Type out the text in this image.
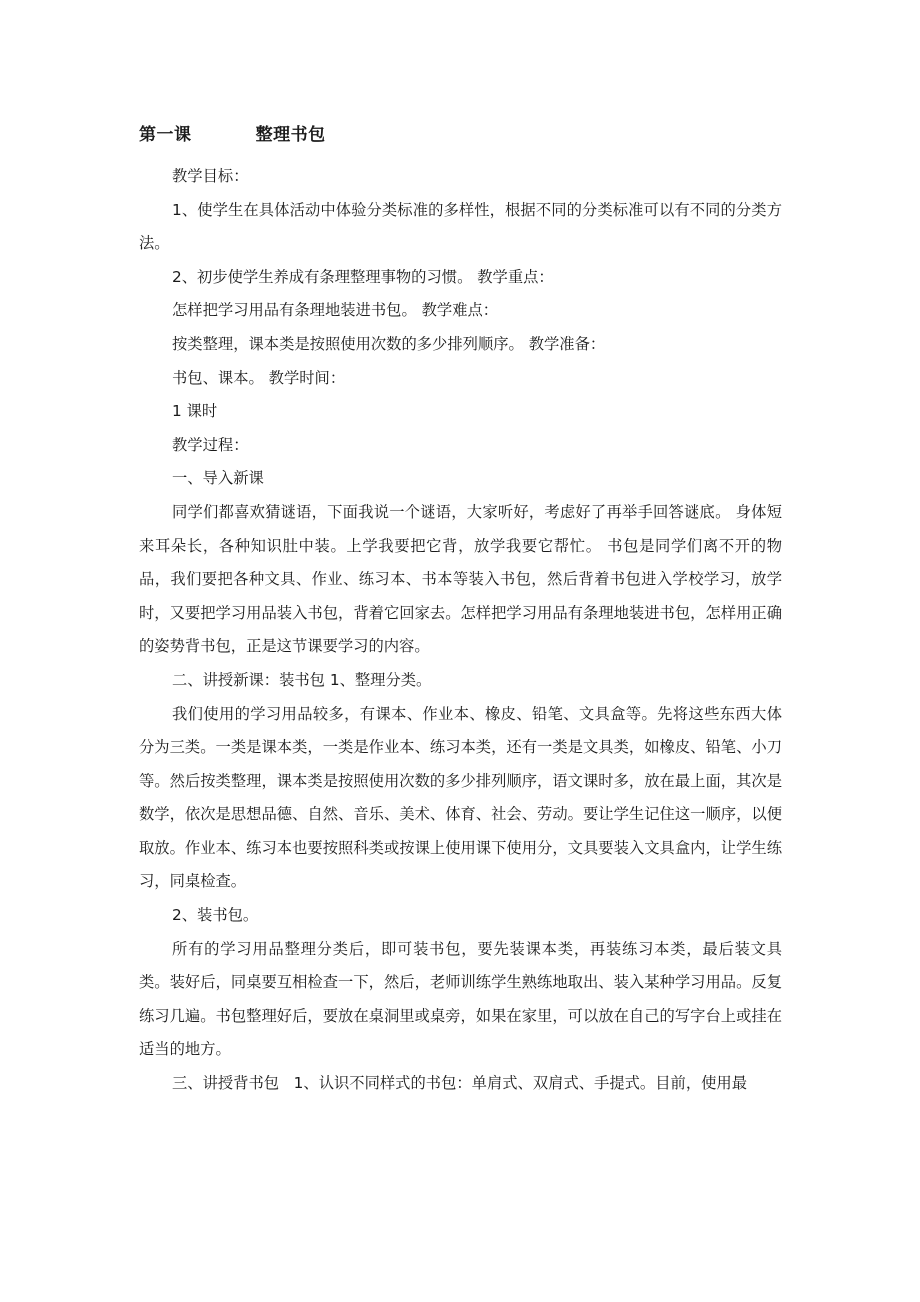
第一课          整理书包

教学目标：

1、使学生在具体活动中体验分类标准的多样性，根据不同的分类标准可以有不同的分类方法。

2、初步使学生养成有条理整理事物的习惯。 教学重点：

怎样把学习用品有条理地装进书包。 教学难点：

按类整理，课本类是按照使用次数的多少排列顺序。 教学准备：

书包、课本。 教学时间：

1 课时

教学过程：

一、导入新课

同学们都喜欢猜谜语，下面我说一个谜语，大家听好，考虑好了再举手回答谜底。 身体短来耳朵长，各种知识肚中装。上学我要把它背，放学我要它帮忙。 书包是同学们离不开的物品，我们要把各种文具、作业、练习本、书本等装入书包，然后背着书包进入学校学习，放学时，又要把学习用品装入书包，背着它回家去。怎样把学习用品有条理地装进书包，怎样用正确的姿势背书包，正是这节课要学习的内容。

二、讲授新课：装书包 1、整理分类。

我们使用的学习用品较多，有课本、作业本、橡皮、铅笔、文具盒等。先将这些东西大体分为三类。一类是课本类，一类是作业本、练习本类，还有一类是文具类，如橡皮、铅笔、小刀等。然后按类整理，课本类是按照使用次数的多少排列顺序，语文课时多，放在最上面，其次是数学，依次是思想品德、自然、音乐、美术、体育、社会、劳动。要让学生记住这一顺序，以便取放。作业本、练习本也要按照科类或按课上使用课下使用分，文具要装入文具盒内，让学生练习，同桌检查。

2、装书包。

所有的学习用品整理分类后，即可装书包，要先装课本类，再装练习本类，最后装文具类。装好后，同桌要互相检查一下，然后，老师训练学生熟练地取出、装入某种学习用品。反复练习几遍。书包整理好后，要放在桌洞里或桌旁，如果在家里，可以放在自己的写字台上或挂在适当的地方。

三、讲授背书包   1、认识不同样式的书包：单肩式、双肩式、手提式。目前，使用最
